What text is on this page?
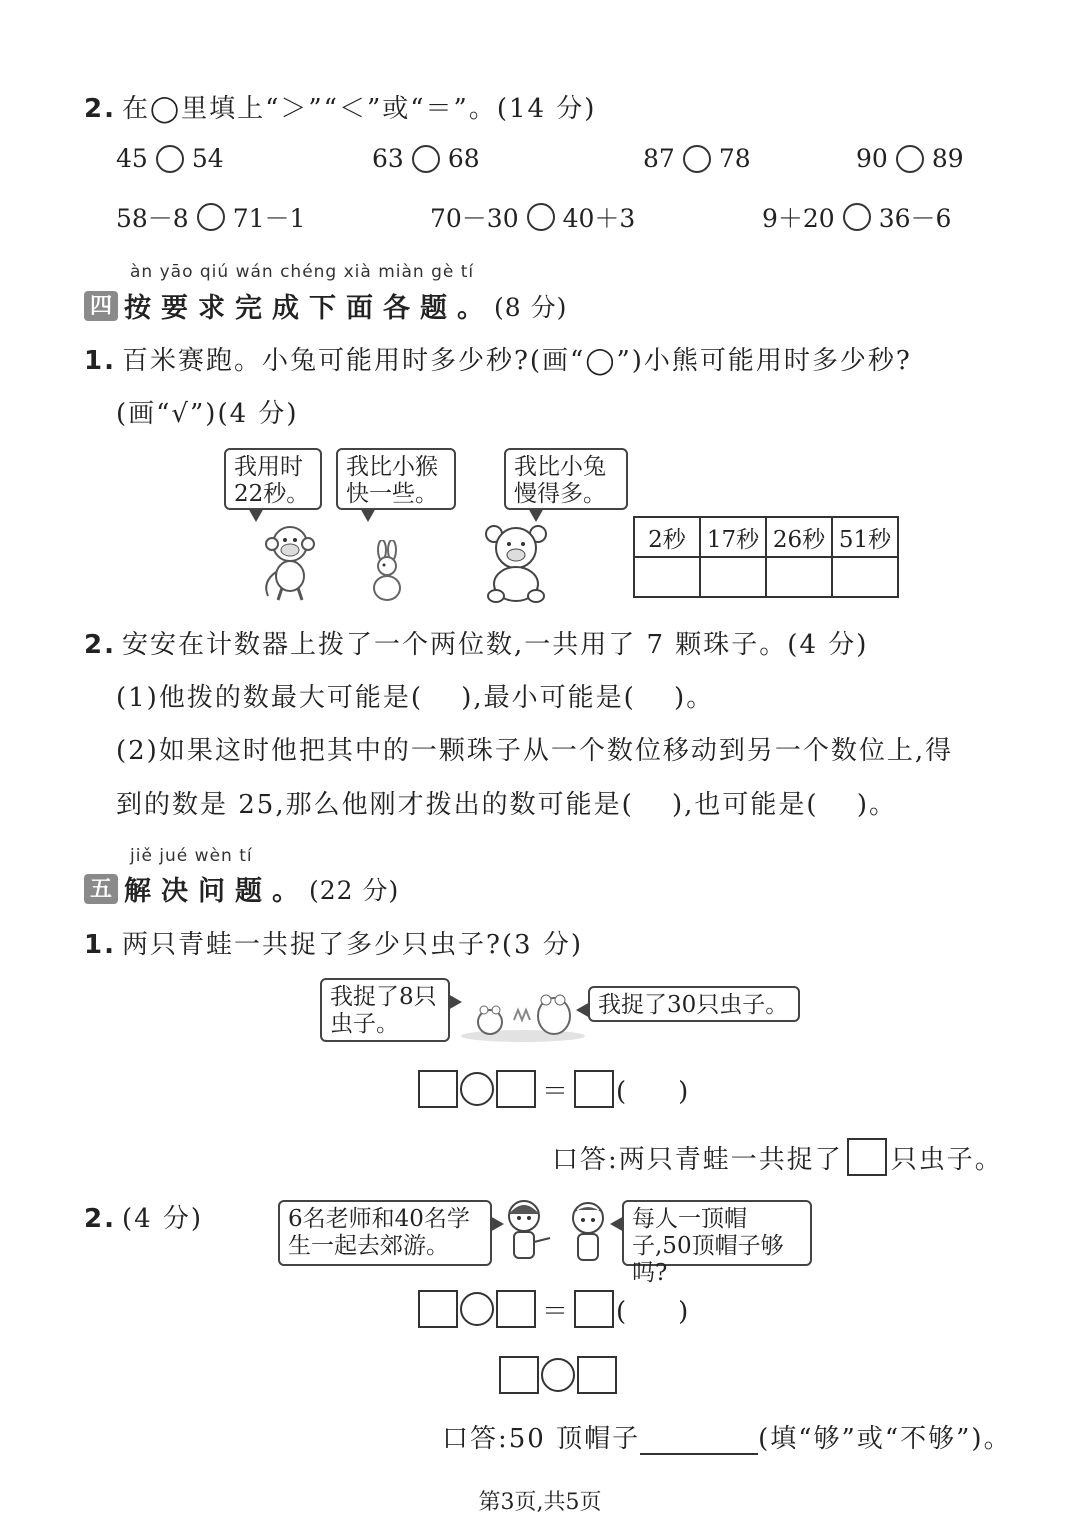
2. 在◯里填上“＞”“＜”或“＝”。(14 分)
45 54	63 68	87 78	90 89
58－8 71－1	70－30 40＋3	9＋20 36－6
àn yāo qiú wán chéng xià miàn gè tí
四 按要求完成下面各题。 (8 分)
1. 百米赛跑。小兔可能用时多少秒?(画“◯”)小熊可能用时多少秒?
(画“√”)(4 分)
我用时22秒。
我比小猴快一些。
我比小兔慢得多。
2秒	17秒	26秒	51秒

2. 安安在计数器上拨了一个两位数,一共用了 7 颗珠子。(4 分)
(1)他拨的数最大可能是(　 ),最小可能是(　 )。
(2)如果这时他把其中的一颗珠子从一个数位移动到另一个数位上,得
到的数是 25,那么他刚才拨出的数可能是(　 ),也可能是(　 )。
jiě jué wèn tí
五 解决问题。 (22 分)
1. 两只青蛙一共捉了多少只虫子?(3 分)
我捉了8只虫子。
我捉了30只虫子。
＝ (　　)
口答:两只青蛙一共捉了 只虫子。
2. (4 分)	6名老师和40名学生一起去郊游。
每人一顶帽子,50顶帽子够吗?
＝ (　　)
口答:50 顶帽子	(填“够”或“不够”)。
第3页,共5页
